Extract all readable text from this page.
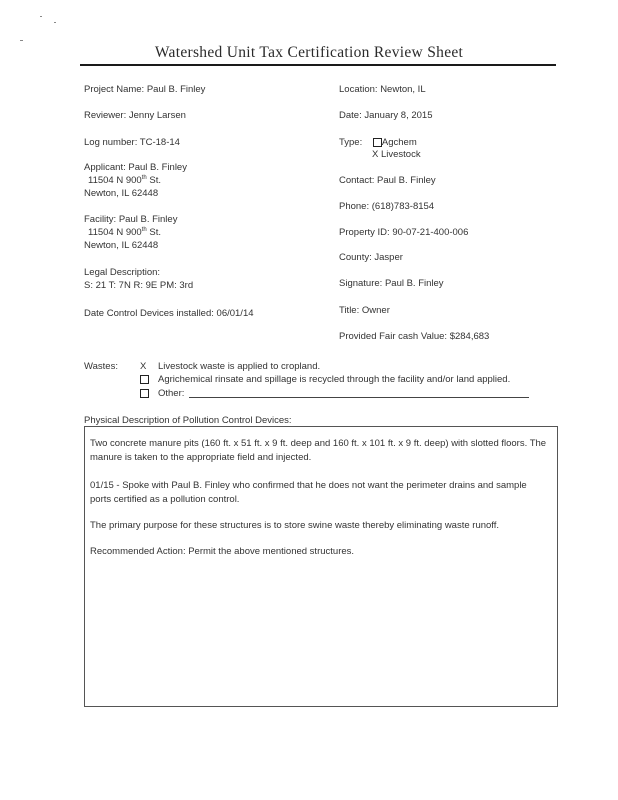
Watershed Unit Tax Certification Review Sheet
Project Name: Paul B. Finley
Reviewer: Jenny Larsen
Log number: TC-18-14
Applicant: Paul B. Finley
11504 N 900th St.
Newton, IL 62448
Facility: Paul B. Finley
11504 N 900th St.
Newton, IL 62448
Legal Description:
S: 21 T: 7N R: 9E PM: 3rd
Date Control Devices installed: 06/01/14
Location: Newton, IL
Date: January 8, 2015
Type: Agchem
X Livestock
Contact: Paul B. Finley
Phone: (618)783-8154
Property ID: 90-07-21-400-006
County: Jasper
Signature: Paul B. Finley
Title: Owner
Provided Fair cash Value: $284,683
Wastes: X Livestock waste is applied to cropland.
Agrichemical rinsate and spillage is recycled through the facility and/or land applied.
Other:
Physical Description of Pollution Control Devices:
Two concrete manure pits (160 ft. x 51 ft. x 9 ft. deep and 160 ft. x 101 ft. x 9 ft. deep) with slotted floors. The manure is taken to the appropriate field and injected.
01/15 - Spoke with Paul B. Finley who confirmed that he does not want the perimeter drains and sample ports certified as a pollution control.
The primary purpose for these structures is to store swine waste thereby eliminating waste runoff.
Recommended Action: Permit the above mentioned structures.
